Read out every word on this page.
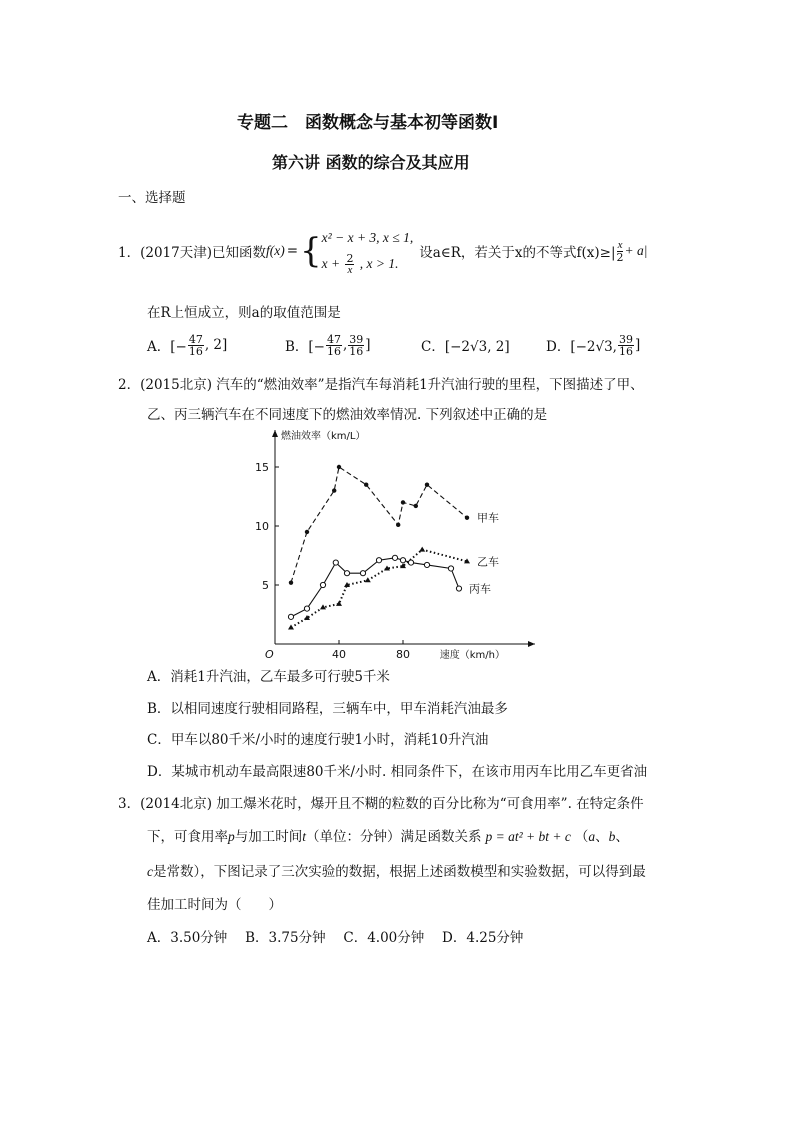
专题二　函数概念与基本初等函数Ⅰ
第六讲 函数的综合及其应用
一、选择题
1．(2017天津)已知函数 f(x) = { x² − x + 3, x ≤ 1,
$x + \frac{2}{x}$ , x > 1.
设a∈R，若关于x的不等式$f(x)\ge| \frac{x}{2} + a|$
在R上恒成立，则a的取值范围是
A．[− $\frac{47}{16}$ , 2]	B．[− $\frac{47}{16}$ , $\frac{39}{16}$ ]	C．[−2√3, 2]	D．[−2√3, $\frac{39}{16}$ ]
2．(2015北京) 汽车的“燃油效率”是指汽车每消耗1升汽油行驶的里程，下图描述了甲、
乙、丙三辆汽车在不同速度下的燃油效率情况. 下列叙述中正确的是
燃油效率（km/L）
速度（km/h）
O
5
10
15
40	80
甲车
乙车
丙车
A．消耗1升汽油，乙车最多可行驶5千米
B．以相同速度行驶相同路程，三辆车中，甲车消耗汽油最多
C．甲车以80千米/小时的速度行驶1小时，消耗10升汽油
D．某城市机动车最高限速80千米/小时. 相同条件下，在该市用丙车比用乙车更省油
3．(2014北京) 加工爆米花时，爆开且不糊的粒数的百分比称为“可食用率”. 在特定条件
下，可食用率p与加工时间t（单位：分钟）满足函数关系 p = at² + bt + c （a、b、
c是常数），下图记录了三次实验的数据，根据上述函数模型和实验数据，可以得到最
佳加工时间为（　　）
A．3.50分钟　 B．3.75分钟　 C．4.00分钟　 D．4.25分钟
